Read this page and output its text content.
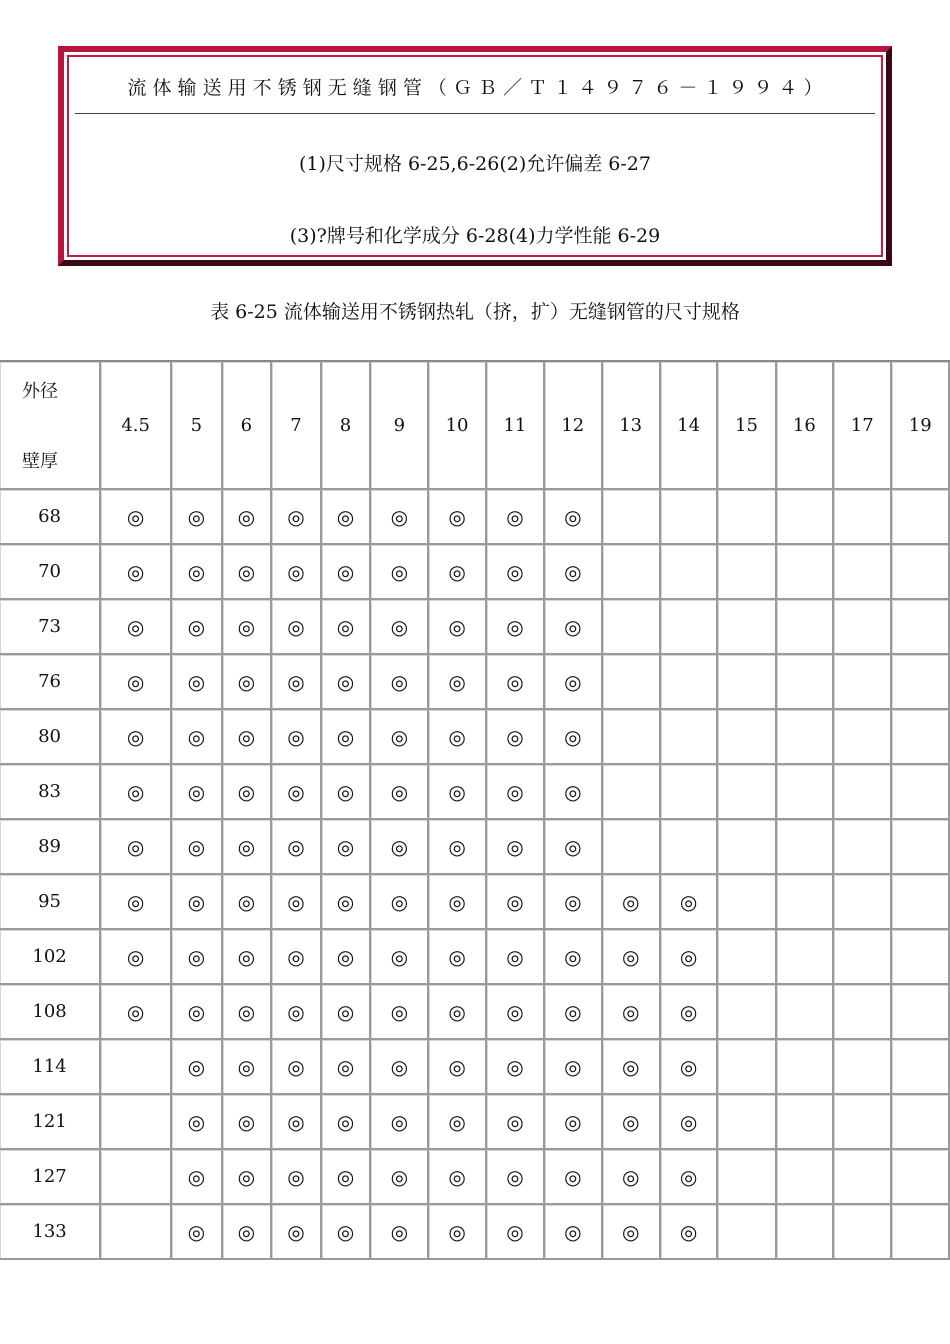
流 体 输 送 用 不 锈 钢 无 缝 钢 管 （ Ｇ Ｂ ／ Ｔ １ ４ ９ ７ ６ － １ ９ ９ ４ ）
(1)尺寸规格 6-25,6-26(2)允许偏差 6-27
(3)?牌号和化学成分 6-28(4)力学性能 6-29
表 6-25 流体输送用不锈钢热轧（挤，扩）无缝钢管的尺寸规格
外径
壁厚	4.5	5	6	7	8	9	10	11	12	13	14	15	16	17	19
68	◎	◎	◎	◎	◎	◎	◎	◎	◎						
70	◎	◎	◎	◎	◎	◎	◎	◎	◎						
73	◎	◎	◎	◎	◎	◎	◎	◎	◎						
76	◎	◎	◎	◎	◎	◎	◎	◎	◎						
80	◎	◎	◎	◎	◎	◎	◎	◎	◎						
83	◎	◎	◎	◎	◎	◎	◎	◎	◎						
89	◎	◎	◎	◎	◎	◎	◎	◎	◎						
95	◎	◎	◎	◎	◎	◎	◎	◎	◎	◎	◎				
102	◎	◎	◎	◎	◎	◎	◎	◎	◎	◎	◎				
108	◎	◎	◎	◎	◎	◎	◎	◎	◎	◎	◎				
114		◎	◎	◎	◎	◎	◎	◎	◎	◎	◎				
121		◎	◎	◎	◎	◎	◎	◎	◎	◎	◎				
127		◎	◎	◎	◎	◎	◎	◎	◎	◎	◎				
133		◎	◎	◎	◎	◎	◎	◎	◎	◎	◎				
